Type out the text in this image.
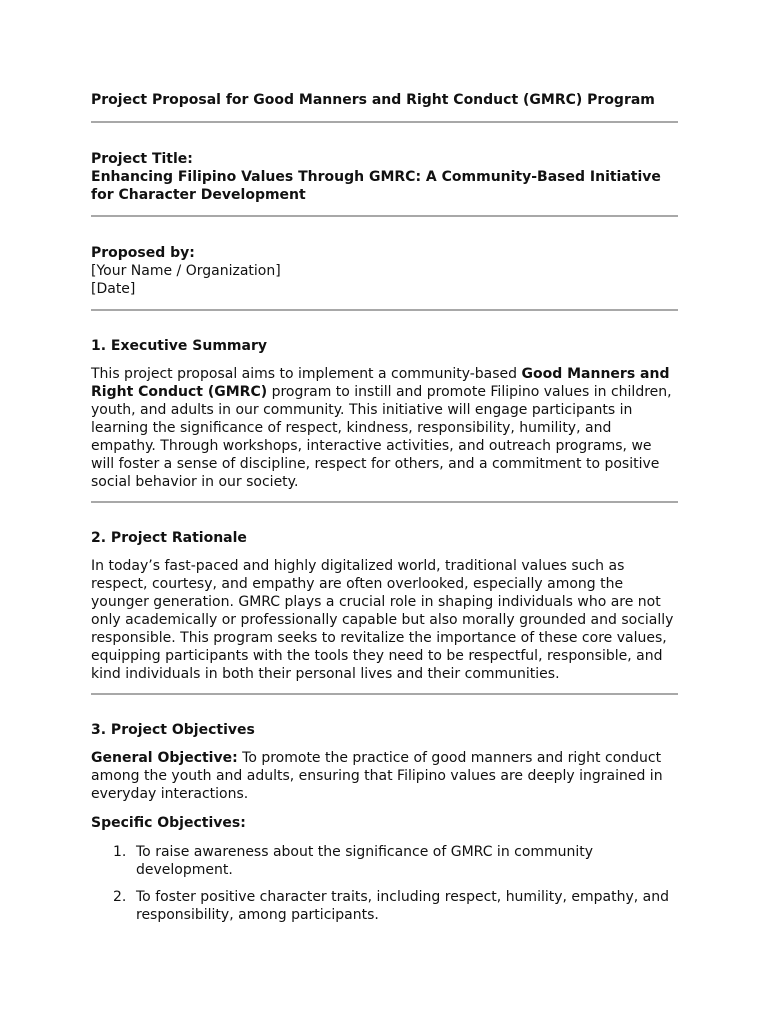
Project Proposal for Good Manners and Right Conduct (GMRC) Program
Project Title:
Enhancing Filipino Values Through GMRC: A Community-Based Initiative for Character Development
Proposed by:
[Your Name / Organization]
[Date]
1. Executive Summary

This project proposal aims to implement a community-based Good Manners and Right Conduct (GMRC) program to instill and promote Filipino values in children, youth, and adults in our community. This initiative will engage participants in learning the significance of respect, kindness, responsibility, humility, and empathy. Through workshops, interactive activities, and outreach programs, we will foster a sense of discipline, respect for others, and a commitment to positive social behavior in our society.

2. Project Rationale

In today’s fast-paced and highly digitalized world, traditional values such as respect, courtesy, and empathy are often overlooked, especially among the younger generation. GMRC plays a crucial role in shaping individuals who are not only academically or professionally capable but also morally grounded and socially responsible. This program seeks to revitalize the importance of these core values, equipping participants with the tools they need to be respectful, responsible, and kind individuals in both their personal lives and their communities.

3. Project Objectives

General Objective: To promote the practice of good manners and right conduct among the youth and adults, ensuring that Filipino values are deeply ingrained in everyday interactions.

Specific Objectives:
1. To raise awareness about the significance of GMRC in community development.
2. To foster positive character traits, including respect, humility, empathy, and responsibility, among participants.
